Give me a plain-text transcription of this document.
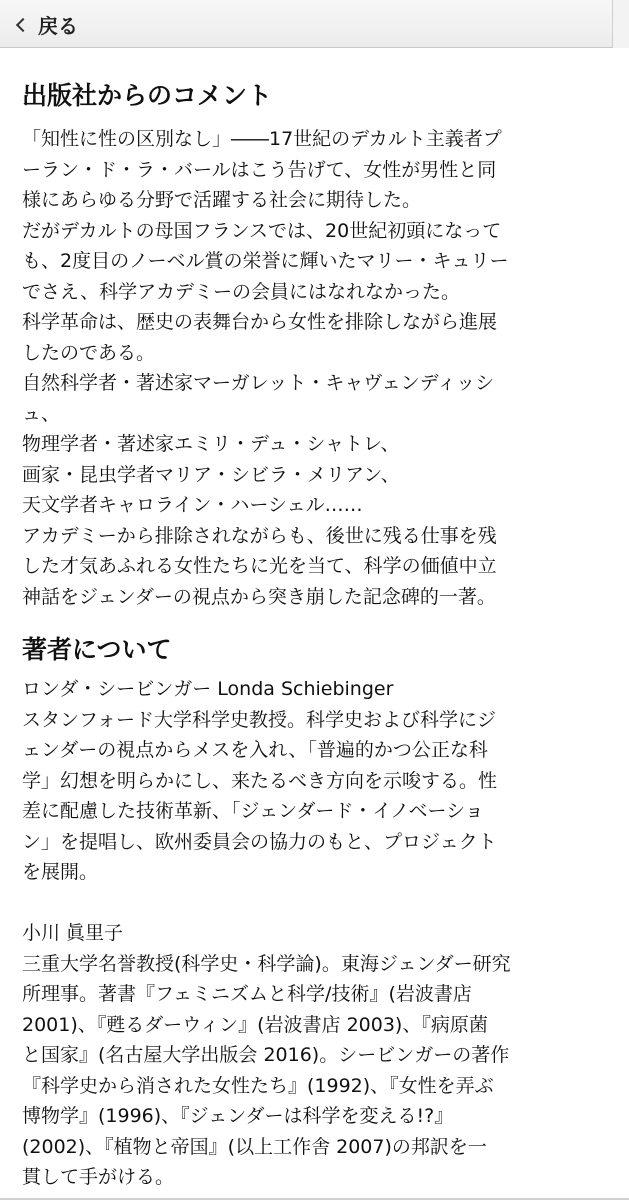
戻る
出版社からのコメント
「知性に性の区別なし」――17世紀のデカルト主義者プ
ーラン・ド・ラ・バールはこう告げて、女性が男性と同
様にあらゆる分野で活躍する社会に期待した。
だがデカルトの母国フランスでは、20世紀初頭になって
も、2度目のノーベル賞の栄誉に輝いたマリー・キュリー
でさえ、科学アカデミーの会員にはなれなかった。
科学革命は、歴史の表舞台から女性を排除しながら進展
したのである。
自然科学者・著述家マーガレット・キャヴェンディッシ
ュ、
物理学者・著述家エミリ・デュ・シャトレ、
画家・昆虫学者マリア・シビラ・メリアン、
天文学者キャロライン・ハーシェル……
アカデミーから排除されながらも、後世に残る仕事を残
した才気あふれる女性たちに光を当て、科学の価値中立
神話をジェンダーの視点から突き崩した記念碑的一著。
著者について
ロンダ・シービンガー Londa Schiebinger
スタンフォード大学科学史教授。科学史および科学にジ
ェンダーの視点からメスを入れ、「普遍的かつ公正な科
学」幻想を明らかにし、来たるべき方向を示唆する。性
差に配慮した技術革新、「ジェンダード・イノベーショ
ン」を提唱し、欧州委員会の協力のもと、プロジェクト
を展開。
小川 眞里子
三重大学名誉教授(科学史・科学論)。東海ジェンダー研究
所理事。著書『フェミニズムと科学/技術』(岩波書店
2001)、『甦るダーウィン』(岩波書店 2003)、『病原菌
と国家』(名古屋大学出版会 2016)。シービンガーの著作
『科学史から消された女性たち』(1992)、『女性を弄ぶ
博物学』(1996)、『ジェンダーは科学を変える!?』
(2002)、『植物と帝国』(以上工作舎 2007)の邦訳を一
貫して手がける。
